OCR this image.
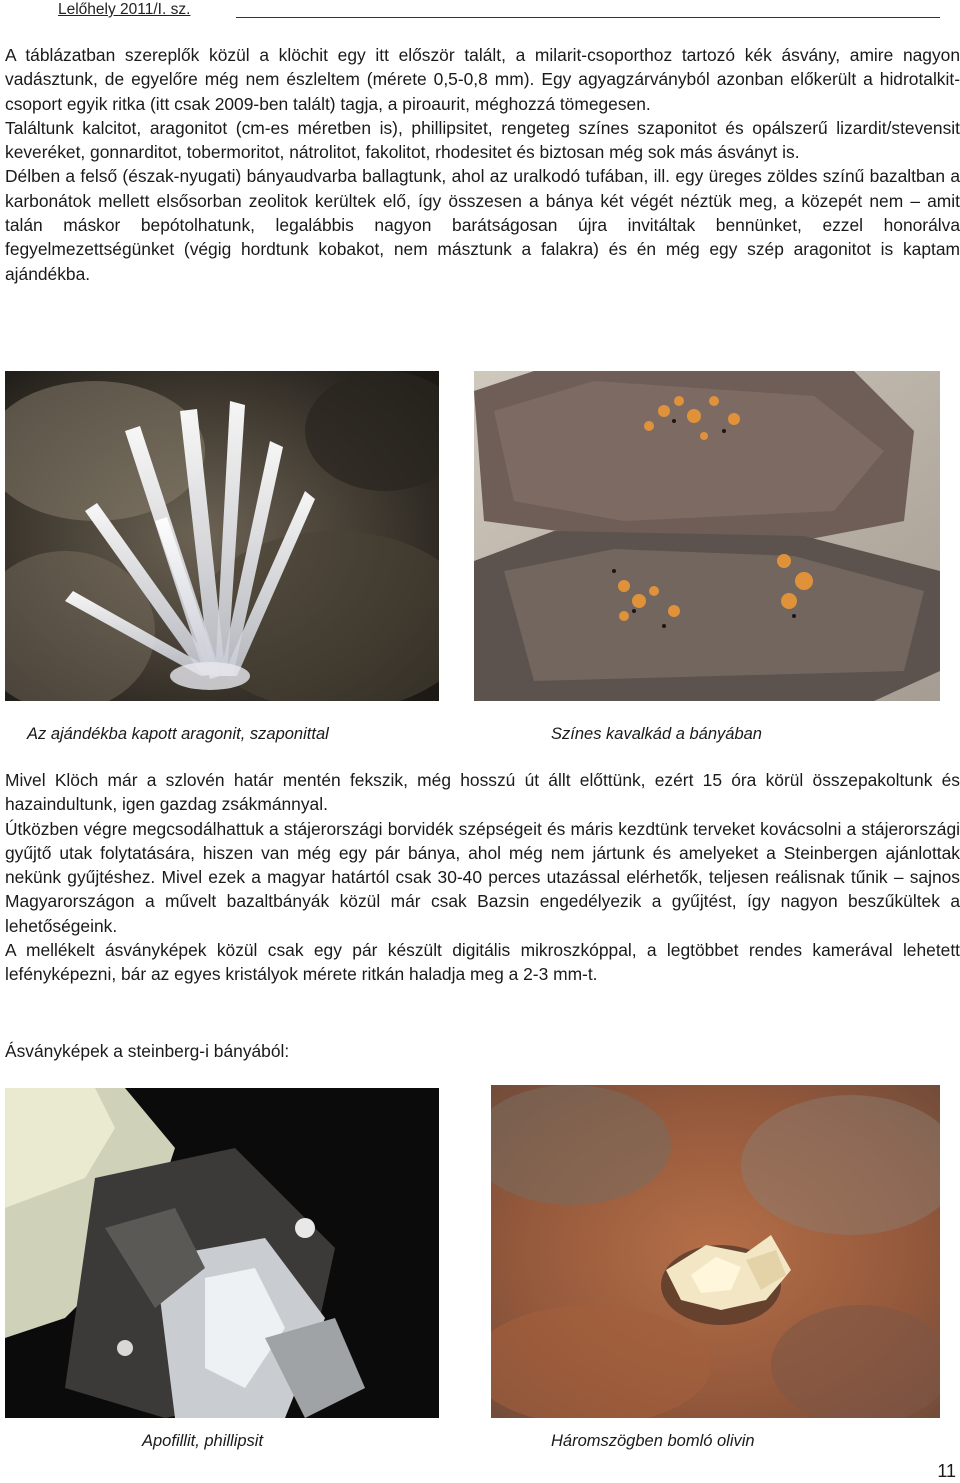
Lelőhely 2011/I. sz.

A táblázatban szereplők közül a klöchit egy itt először talált, a milarit-csoporthoz tartozó kék ásvány, amire nagyon vadásztunk, de egyelőre még nem észleltem (mérete 0,5-0,8 mm). Egy agyagzárványból azonban előkerült a hidrotalkit-csoport egyik ritka (itt csak 2009-ben talált) tagja, a piroaurit, méghozzá tömegesen.

Találtunk kalcitot, aragonitot (cm-es méretben is), phillipsitet, rengeteg színes szaponitot és opálszerű lizardit/stevensit keveréket, gonnarditot, tobermoritot, nátrolitot, fakolitot, rhodesitet és biztosan még sok más ásványt is.

Délben a felső (észak-nyugati) bányaudvarba ballagtunk, ahol az uralkodó tufában, ill. egy üreges zöldes színű bazaltban a karbonátok mellett elsősorban zeolitok kerültek elő, így összesen a bánya két végét néztük meg, a közepét nem – amit talán máskor bepótolhatunk, legalábbis nagyon barátságosan újra invitáltak bennünket, ezzel honorálva fegyelmezettségünket (végig hordtunk kobakot, nem másztunk a falakra) és én még egy szép aragonitot is kaptam ajándékba.

Az ajándékba kapott aragonit, szaponittal	Színes kavalkád a bányában

Mivel Klöch már a szlovén határ mentén fekszik, még hosszú út állt előttünk, ezért 15 óra körül összepakoltunk és hazaindultunk, igen gazdag zsákmánnyal.

Útközben végre megcsodálhattuk a stájerországi borvidék szépségeit és máris kezdtünk terveket kovácsolni a stájerországi gyűjtő utak folytatására, hiszen van még egy pár bánya, ahol még nem jártunk és amelyeket a Steinbergen ajánlottak nekünk gyűjtéshez. Mivel ezek a magyar határtól csak 30-40 perces utazással elérhetők, teljesen reálisnak tűnik – sajnos Magyarországon a művelt bazaltbányák közül már csak Bazsin engedélyezik a gyűjtést, így nagyon beszűkültek a lehetőségeink.

A mellékelt ásványképek közül csak egy pár készült digitális mikroszkóppal, a legtöbbet rendes kamerával lehetett lefényképezni, bár az egyes kristályok mérete ritkán haladja meg a 2-3 mm-t.

Ásványképek a steinberg-i bányából:
Apofillit, phillipsit	Háromszögben bomló olivin
11
